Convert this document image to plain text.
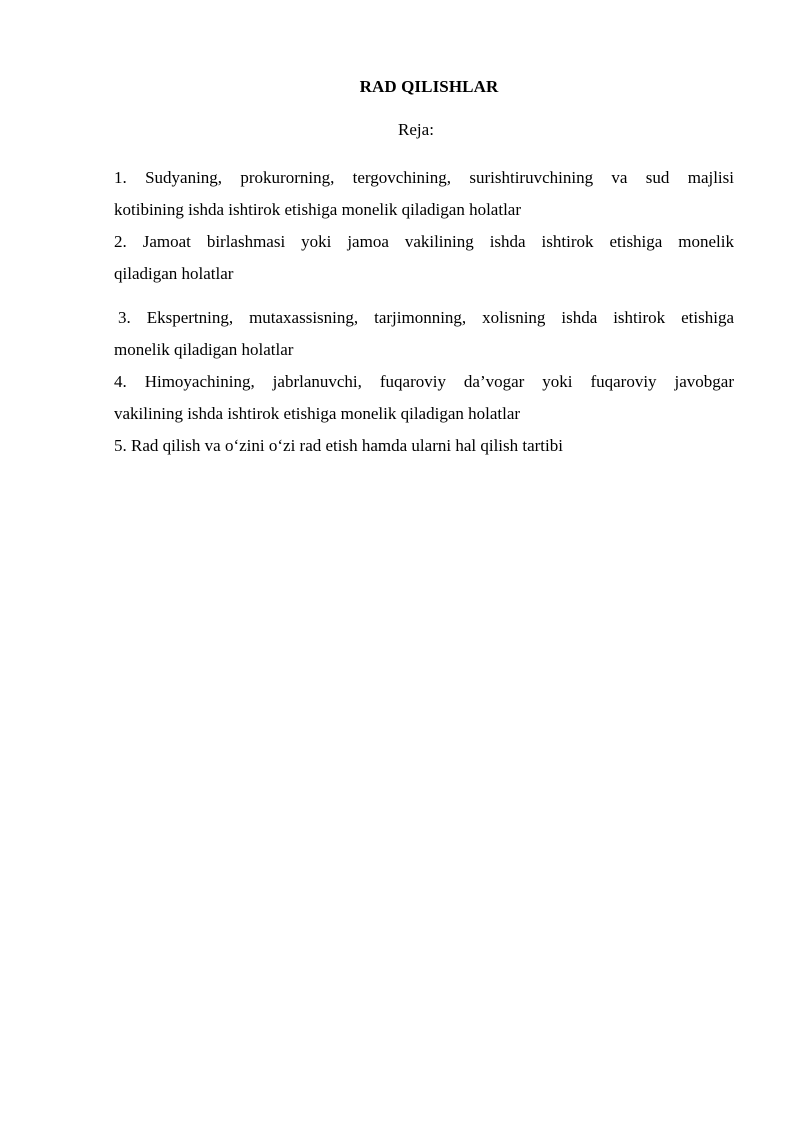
RAD QILISHLAR
Reja:
1. Sudyaning, prokurorning, tergovchining, surishtiruvchining va sud majlisi
kotibining ishda ishtirok etishiga monelik qiladigan holatlar
2. Jamoat birlashmasi yoki jamoa vakilining ishda ishtirok etishiga monelik
qiladigan holatlar
3. Ekspertning, mutaxassisning, tarjimonning, xolisning ishda ishtirok etishiga
monelik qiladigan holatlar
4. Himoyachining, jabrlanuvchi, fuqaroviy da’vogar yoki fuqaroviy javobgar
vakilining ishda ishtirok etishiga monelik qiladigan holatlar
5. Rad qilish va o‘zini o‘zi rad etish hamda ularni hal qilish tartibi
